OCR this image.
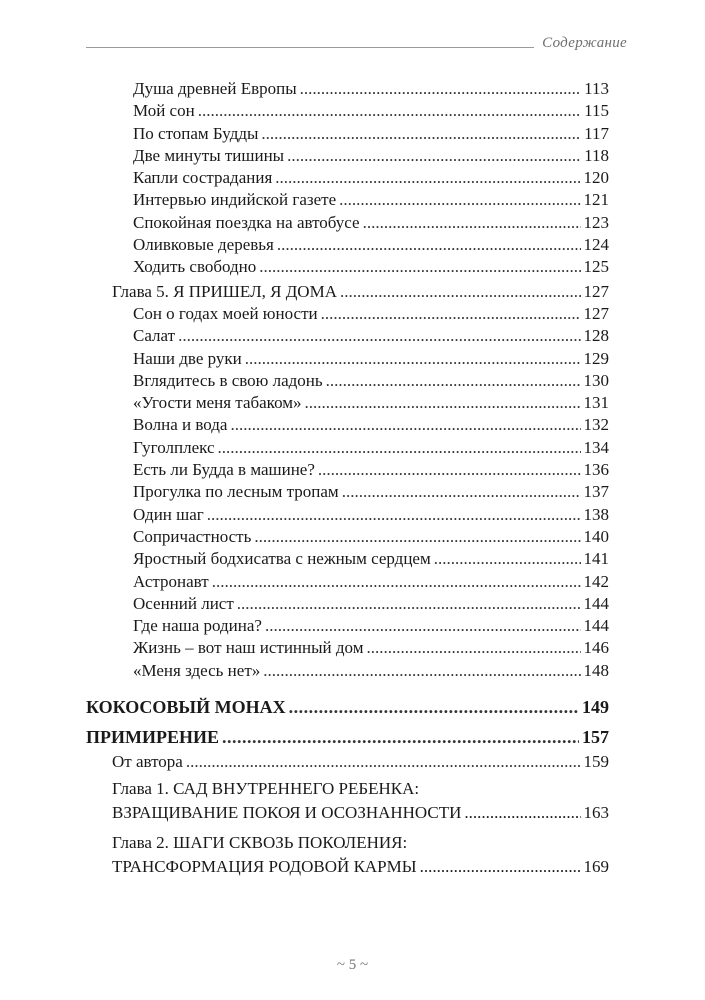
Содержание
Душа древней Европы .....	113
Мой сон .....	115
По стопам Будды .....	117
Две минуты тишины .....	118
Капли сострадания .....	120
Интервью индийской газете .....	121
Спокойная поездка на автобусе .....	123
Оливковые деревья .....	124
Ходить свободно .....	125
Глава 5. Я ПРИШЕЛ, Я ДОМА .....	127
Сон о годах моей юности .....	127
Салат .....	128
Наши две руки .....	129
Вглядитесь в свою ладонь .....	130
«Угости меня табаком» .....	131
Волна и вода .....	132
Гуголплекс .....	134
Есть ли Будда в машине? .....	136
Прогулка по лесным тропам .....	137
Один шаг .....	138
Сопричастность .....	140
Яростный бодхисатва с нежным сердцем .....	141
Астронавт .....	142
Осенний лист .....	144
Где наша родина? .....	144
Жизнь – вот наш истинный дом .....	146
«Меня здесь нет» .....	148
КОКОСОВЫЙ МОНАХ .....	149
ПРИМИРЕНИЕ .....	157
От автора .....	159
Глава 1. САД ВНУТРЕННЕГО РЕБЕНКА:
ВЗРАЩИВАНИЕ ПОКОЯ И ОСОЗНАННОСТИ .....	163
Глава 2. ШАГИ СКВОЗЬ ПОКОЛЕНИЯ:
ТРАНСФОРМАЦИЯ РОДОВОЙ КАРМЫ .....	169
~ 5 ~
